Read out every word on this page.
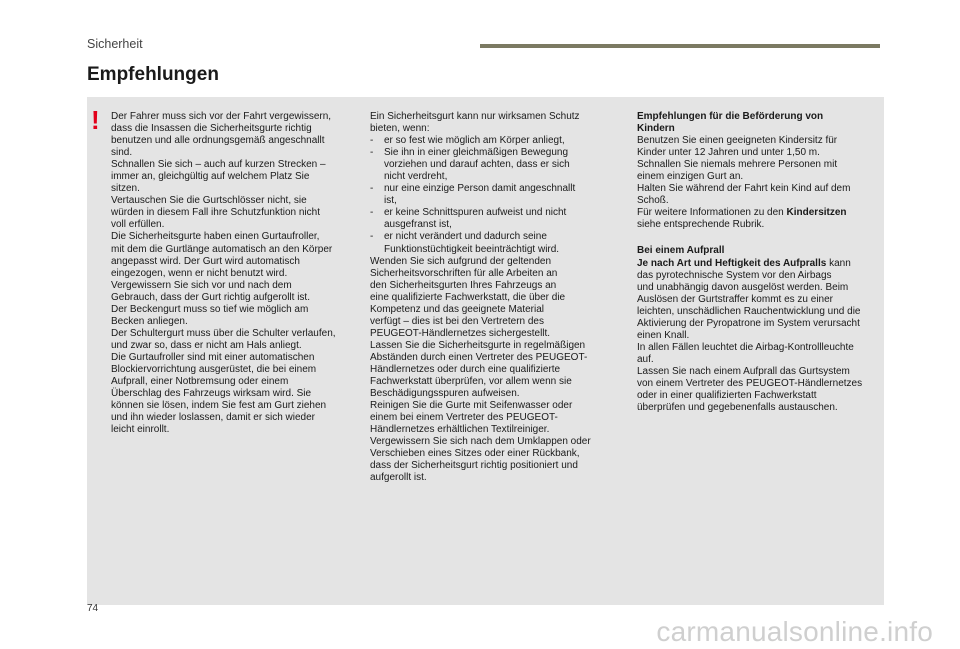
Sicherheit
Empfehlungen
!	Der Fahrer muss sich vor der Fahrt vergewissern,

dass die Insassen die Sicherheitsgurte richtig

benutzen und alle ordnungsgemäß angeschnallt

sind.

Schnallen Sie sich – auch auf kurzen Strecken –

immer an, gleichgültig auf welchem Platz Sie

sitzen.

Vertauschen Sie die Gurtschlösser nicht, sie

würden in diesem Fall ihre Schutzfunktion nicht

voll erfüllen.

Die Sicherheitsgurte haben einen Gurtaufroller,

mit dem die Gurtlänge automatisch an den Körper

angepasst wird. Der Gurt wird automatisch

eingezogen, wenn er nicht benutzt wird.

Vergewissern Sie sich vor und nach dem

Gebrauch, dass der Gurt richtig aufgerollt ist.

Der Beckengurt muss so tief wie möglich am

Becken anliegen.

Der Schultergurt muss über die Schulter verlaufen,

und zwar so, dass er nicht am Hals anliegt.

Die Gurtaufroller sind mit einer automatischen

Blockiervorrichtung ausgerüstet, die bei einem

Aufprall, einer Notbremsung oder einem

Überschlag des Fahrzeugs wirksam wird. Sie

können sie lösen, indem Sie fest am Gurt ziehen

und ihn wieder loslassen, damit er sich wieder

leicht einrollt.

Ein Sicherheitsgurt kann nur wirksamen Schutz

bieten, wenn:

- er so fest wie möglich am Körper anliegt,

- Sie ihn in einer gleichmäßigen Bewegung

vorziehen und darauf achten, dass er sich

nicht verdreht,

- nur eine einzige Person damit angeschnallt

ist,

- er keine Schnittspuren aufweist und nicht

ausgefranst ist,

- er nicht verändert und dadurch seine

Funktionstüchtigkeit beeinträchtigt wird.

Wenden Sie sich aufgrund der geltenden

Sicherheitsvorschriften für alle Arbeiten an

den Sicherheitsgurten Ihres Fahrzeugs an

eine qualifizierte Fachwerkstatt, die über die

Kompetenz und das geeignete Material

verfügt – dies ist bei den Vertretern des

PEUGEOT-Händlernetzes sichergestellt.

Lassen Sie die Sicherheitsgurte in regelmäßigen

Abständen durch einen Vertreter des PEUGEOT-

Händlernetzes oder durch eine qualifizierte

Fachwerkstatt überprüfen, vor allem wenn sie

Beschädigungsspuren aufweisen.

Reinigen Sie die Gurte mit Seifenwasser oder

einem bei einem Vertreter des PEUGEOT-

Händlernetzes erhältlichen Textilreiniger.

Vergewissern Sie sich nach dem Umklappen oder

Verschieben eines Sitzes oder einer Rückbank,

dass der Sicherheitsgurt richtig positioniert und

aufgerollt ist.

Empfehlungen für die Beförderung von

Kindern

Benutzen Sie einen geeigneten Kindersitz für

Kinder unter 12 Jahren und unter 1,50 m.

Schnallen Sie niemals mehrere Personen mit

einem einzigen Gurt an.

Halten Sie während der Fahrt kein Kind auf dem

Schoß.

Für weitere Informationen zu den Kindersitzen

siehe entsprechende Rubrik.

Bei einem Aufprall

Je nach Art und Heftigkeit des Aufpralls kann

das pyrotechnische System vor den Airbags

und unabhängig davon ausgelöst werden. Beim

Auslösen der Gurtstraffer kommt es zu einer

leichten, unschädlichen Rauchentwicklung und die

Aktivierung der Pyropatrone im System verursacht

einen Knall.

In allen Fällen leuchtet die Airbag-Kontrollleuchte

auf.

Lassen Sie nach einem Aufprall das Gurtsystem

von einem Vertreter des PEUGEOT-Händlernetzes

oder in einer qualifizierten Fachwerkstatt

überprüfen und gegebenenfalls austauschen.

74
carmanualsonline.info
